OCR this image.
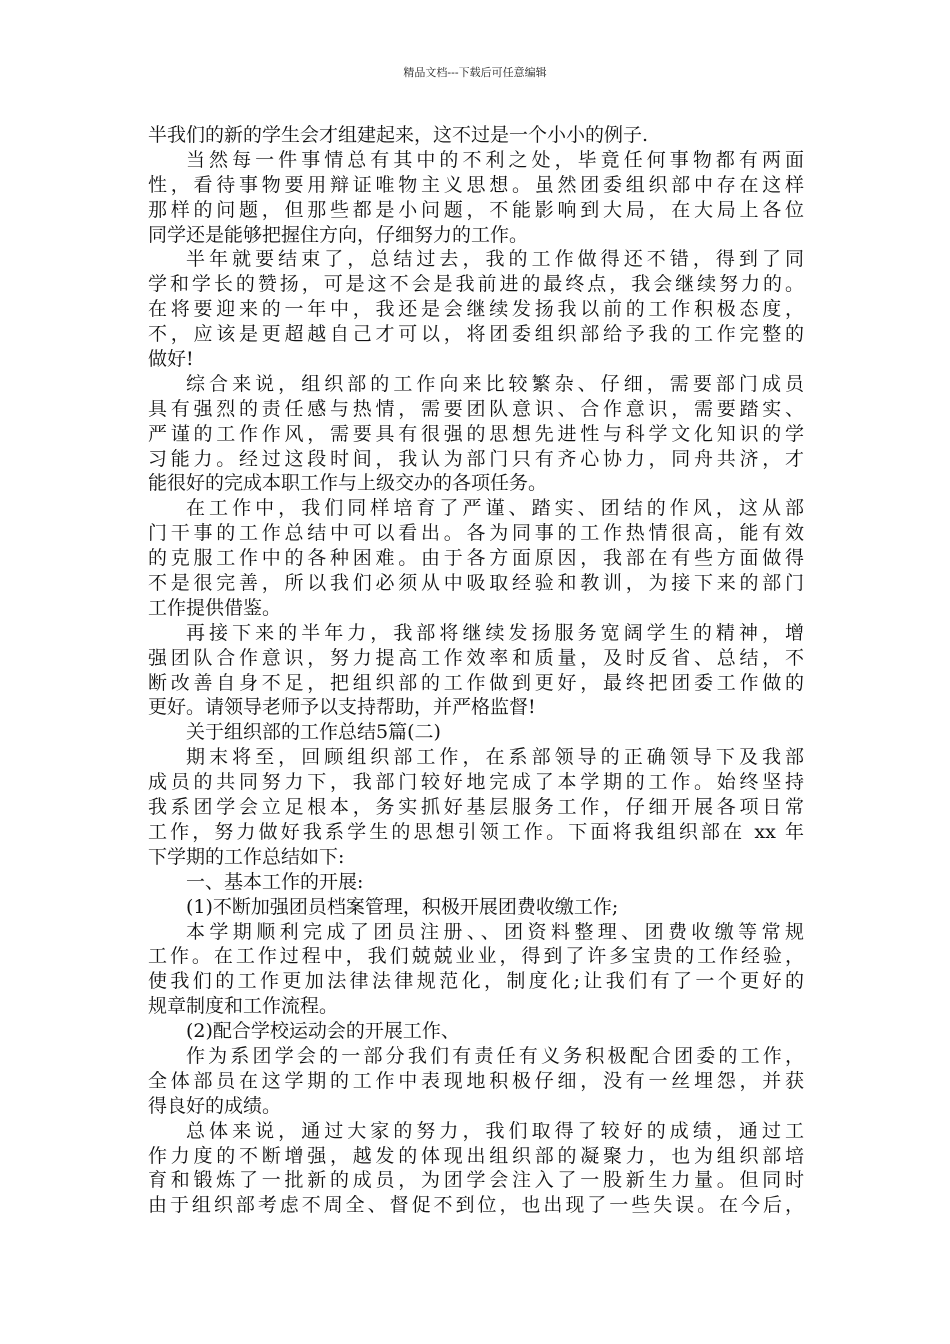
精品文档---下载后可任意编辑
半我们的新的学生会才组建起来，这不过是一个小小的例子.
当然每一件事情总有其中的不利之处，毕竟任何事物都有两面
性，看待事物要用辩证唯物主义思想。虽然团委组织部中存在这样
那样的问题，但那些都是小问题，不能影响到大局，在大局上各位
同学还是能够把握住方向，仔细努力的工作。
半年就要结束了，总结过去，我的工作做得还不错，得到了同
学和学长的赞扬，可是这不会是我前进的最终点，我会继续努力的。
在将要迎来的一年中，我还是会继续发扬我以前的工作积极态度，
不，应该是更超越自己才可以，将团委组织部给予我的工作完整的
做好!
综合来说，组织部的工作向来比较繁杂、仔细，需要部门成员
具有强烈的责任感与热情，需要团队意识、合作意识，需要踏实、
严谨的工作作风，需要具有很强的思想先进性与科学文化知识的学
习能力。经过这段时间，我认为部门只有齐心协力，同舟共济，才
能很好的完成本职工作与上级交办的各项任务。
在工作中，我们同样培育了严谨、踏实、团结的作风，这从部
门干事的工作总结中可以看出。各为同事的工作热情很高，能有效
的克服工作中的各种困难。由于各方面原因，我部在有些方面做得
不是很完善，所以我们必须从中吸取经验和教训，为接下来的部门
工作提供借鉴。
再接下来的半年力，我部将继续发扬服务宽阔学生的精神，增
强团队合作意识，努力提高工作效率和质量，及时反省、总结，不
断改善自身不足，把组织部的工作做到更好，最终把团委工作做的
更好。请领导老师予以支持帮助，并严格监督!
关于组织部的工作总结5篇(二)
期末将至，回顾组织部工作，在系部领导的正确领导下及我部
成员的共同努力下，我部门较好地完成了本学期的工作。始终坚持
我系团学会立足根本，务实抓好基层服务工作，仔细开展各项日常
工作，努力做好我系学生的思想引领工作。下面将我组织部在 xx 年
下学期的工作总结如下:
一、基本工作的开展:
(1)不断加强团员档案管理，积极开展团费收缴工作;
本学期顺利完成了团员注册、、团资料整理、团费收缴等常规
工作。在工作过程中，我们兢兢业业，得到了许多宝贵的工作经验，
使我们的工作更加法律法律规范化，制度化;让我们有了一个更好的
规章制度和工作流程。
(2)配合学校运动会的开展工作、
作为系团学会的一部分我们有责任有义务积极配合团委的工作，
全体部员在这学期的工作中表现地积极仔细，没有一丝埋怨，并获
得良好的成绩。
总体来说，通过大家的努力，我们取得了较好的成绩，通过工
作力度的不断增强，越发的体现出组织部的凝聚力，也为组织部培
育和锻炼了一批新的成员，为团学会注入了一股新生力量。但同时
由于组织部考虑不周全、督促不到位，也出现了一些失误。在今后，
